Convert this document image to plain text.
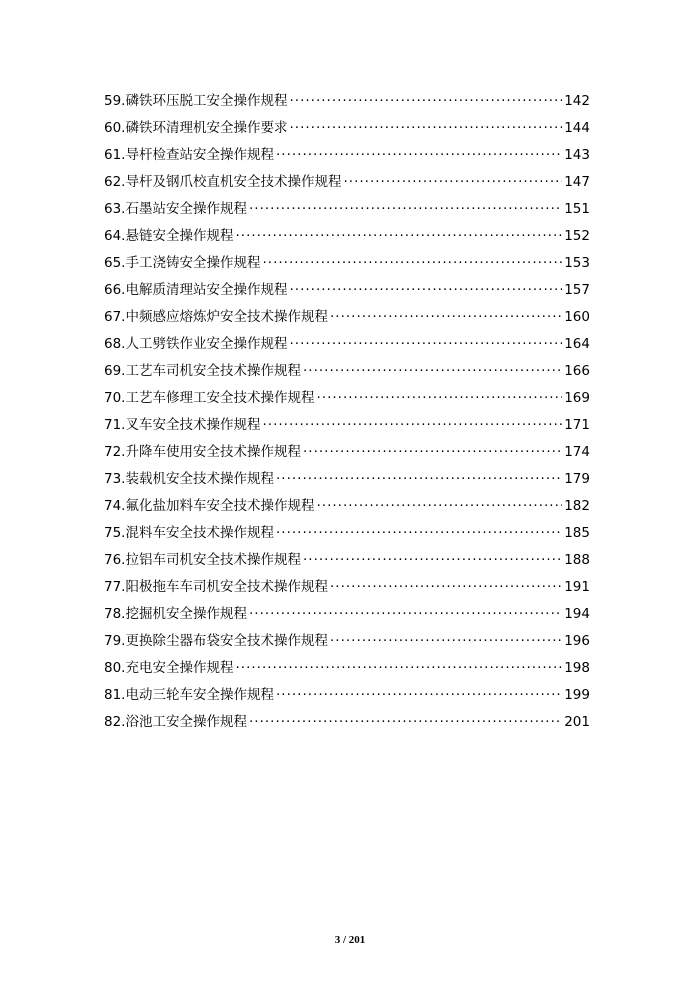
59. 磷铁环压脱工安全操作规程 ·····	142
60. 磷铁环清理机安全操作要求 ·····	144
61. 导杆检查站安全操作规程 ·····	143
62. 导杆及钢爪校直机安全技术操作规程 ·····	147
63. 石墨站安全操作规程 ·····	151
64. 悬链安全操作规程 ·····	152
65. 手工浇铸安全操作规程 ·····	153
66. 电解质清理站安全操作规程 ·····	157
67. 中频感应熔炼炉安全技术操作规程 ·····	160
68. 人工劈铁作业安全操作规程 ·····	164
69. 工艺车司机安全技术操作规程 ·····	166
70. 工艺车修理工安全技术操作规程 ·····	169
71. 叉车安全技术操作规程 ·····	171
72. 升降车使用安全技术操作规程 ·····	174
73. 装载机安全技术操作规程 ·····	179
74. 氟化盐加料车安全技术操作规程 ·····	182
75. 混料车安全技术操作规程 ·····	185
76. 拉铝车司机安全技术操作规程 ·····	188
77. 阳极拖车车司机安全技术操作规程 ·····	191
78. 挖掘机安全操作规程 ·····	194
79. 更换除尘器布袋安全技术操作规程 ·····	196
80. 充电安全操作规程 ·····	198
81. 电动三轮车安全操作规程 ·····	199
82. 浴池工安全操作规程 ·····	201
3 / 201
